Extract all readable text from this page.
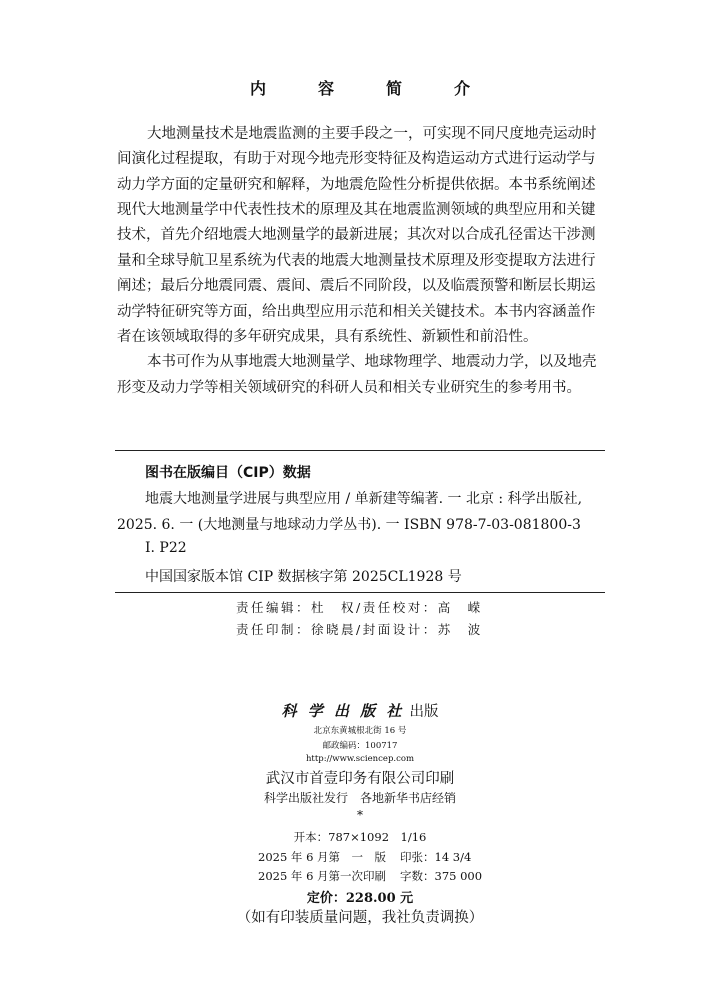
内　容　简　介
大地测量技术是地震监测的主要手段之一，可实现不同尺度地壳运动时
间演化过程提取，有助于对现今地壳形变特征及构造运动方式进行运动学与
动力学方面的定量研究和解释，为地震危险性分析提供依据。本书系统阐述
现代大地测量学中代表性技术的原理及其在地震监测领域的典型应用和关键
技术，首先介绍地震大地测量学的最新进展；其次对以合成孔径雷达干涉测
量和全球导航卫星系统为代表的地震大地测量技术原理及形变提取方法进行
阐述；最后分地震同震、震间、震后不同阶段，以及临震预警和断层长期运
动学特征研究等方面，给出典型应用示范和相关关键技术。本书内容涵盖作
者在该领域取得的多年研究成果，具有系统性、新颖性和前沿性。
本书可作为从事地震大地测量学、地球物理学、地震动力学，以及地壳
形变及动力学等相关领域研究的科研人员和相关专业研究生的参考用书。
图书在版编目（CIP）数据
地震大地测量学进展与典型应用 / 单新建等编著. 一 北京 : 科学出版社,
2025. 6. 一 (大地测量与地球动力学丛书). 一 ISBN 978-7-03-081800-3
I. P22
中国国家版本馆 CIP 数据核字第 2025CL1928 号
责任编辑：杜　权/责任校对：高　嵘
责任印制：徐晓晨/封面设计：苏　波
科 学 出 版 社 出版
北京东黄城根北街 16 号
邮政编码：100717
http://www.sciencep.com
武汉市首壹印务有限公司印刷
科学出版社发行　各地新华书店经销
*
开本：787×1092　1/16
2025 年 6 月第　一　版 印张：14 3/4
2025 年 6 月第一次印刷 字数：375 000
定价：228.00 元
（如有印装质量问题，我社负责调换）
